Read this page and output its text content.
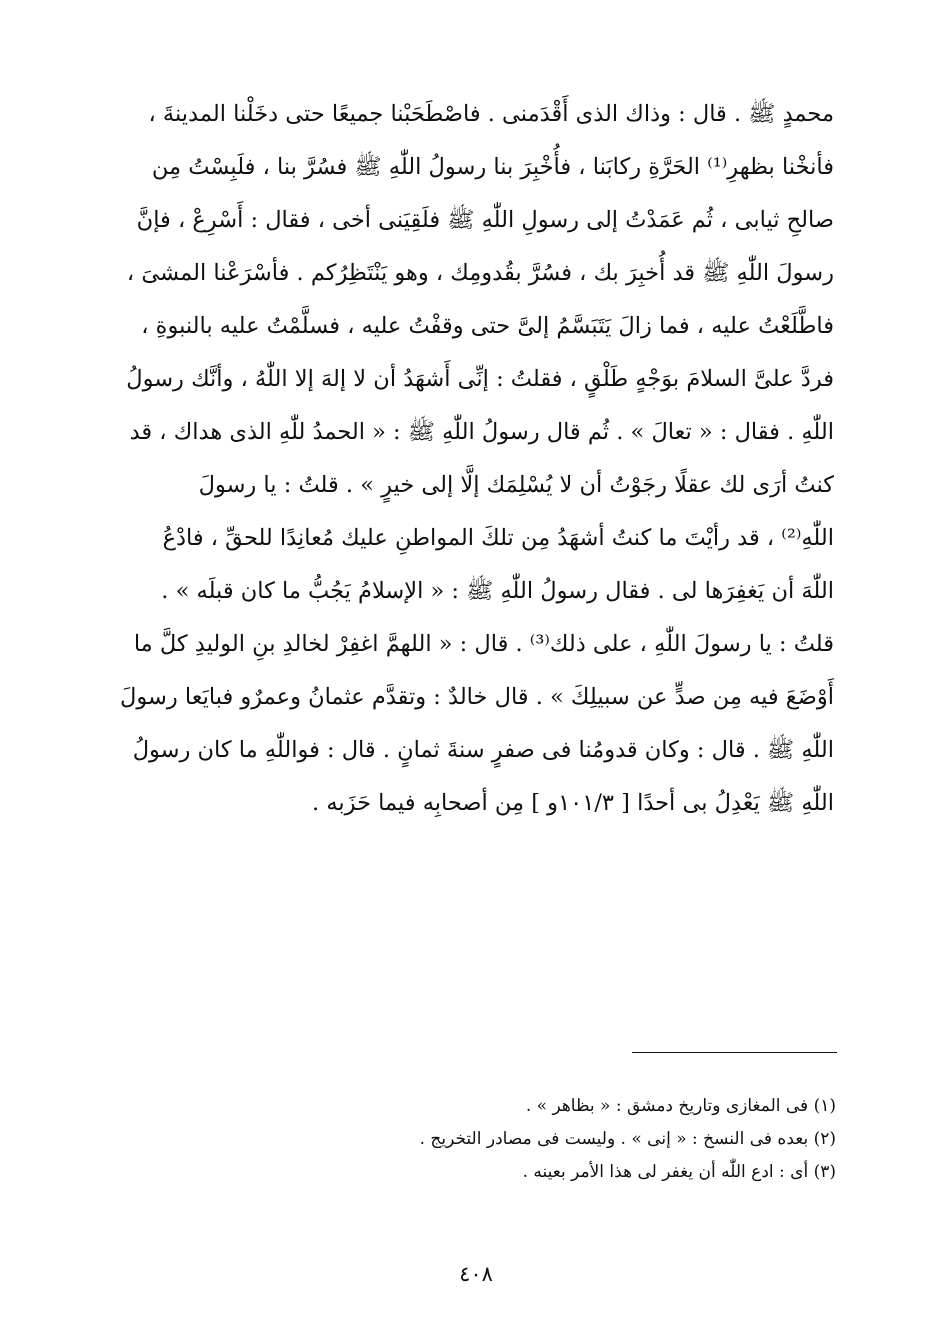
محمدٍ ﷺ . قال : وذاك الذى أَقْدَمنى . فاصْطَحَبْنا جميعًا حتى دخَلْنا المدينةَ ،
فأنخْنا بظهرِ⁽¹⁾ الحَرَّةِ ركابَنا ، فأُخْبِرَ بنا رسولُ اللّٰهِ ﷺ فسُرَّ بنا ، فلَبِسْتُ مِن
صالحِ ثيابى ، ثُم عَمَدْتُ إلى رسولِ اللّٰهِ ﷺ فلَقِيَنى أخى ، فقال : أَسْرِعْ ، فإنَّ
رسولَ اللّٰهِ ﷺ قد أُخبِرَ بك ، فسُرَّ بقُدومِك ، وهو يَنْتَظِرُكم . فأسْرَعْنا المشىَ ،
فاطَّلَعْتُ عليه ، فما زالَ يَتَبَسَّمُ إلىَّ حتى وقفْتُ عليه ، فسلَّمْتُ عليه بالنبوةِ ،
فردَّ علىَّ السلامَ بوَجْهٍ طَلْقٍ ، فقلتُ : إنِّى أَشهَدُ أن لا إلهَ إلا اللّٰهُ ، وأنَّك رسولُ
اللّٰهِ . فقال : « تعالَ » . ثُم قال رسولُ اللّٰهِ ﷺ : « الحمدُ للّٰهِ الذى هداك ، قد
كنتُ أرَى لك عقلًا رجَوْتُ أن لا يُسْلِمَك إلَّا إلى خيرٍ » . قلتُ : يا رسولَ
اللّٰهِ⁽²⁾ ، قد رأيْتَ ما كنتُ أشهَدُ مِن تلكَ المواطنِ عليك مُعانِدًا للحقِّ ، فادْعُ
اللّٰهَ أن يَغفِرَها لى . فقال رسولُ اللّٰهِ ﷺ : « الإسلامُ يَجُبُّ ما كان قبلَه » .
قلتُ : يا رسولَ اللّٰهِ ، على ذلك⁽³⁾ . قال : « اللهمَّ اغفِرْ لخالدِ بنِ الوليدِ كلَّ ما
أَوْضَعَ فيه مِن صدٍّ عن سبيلِكَ » . قال خالدٌ : وتقدَّم عثمانُ وعمرٌو فبايَعا رسولَ
اللّٰهِ ﷺ . قال : وكان قدومُنا فى صفرٍ سنةَ ثمانٍ . قال : فواللّٰهِ ما كان رسولُ
اللّٰهِ ﷺ يَعْدِلُ بى أحدًا [ ١٠١/٣و ] مِن أصحابِه فيما حَزَبه .

(١) فى المغازى وتاريخ دمشق : « بظاهر » .
(٢) بعده فى النسخ : « إنى » . وليست فى مصادر التخريج .
(٣) أى : ادع اللّٰه أن يغفر لى هذا الأمر بعينه .

٤٠٨
